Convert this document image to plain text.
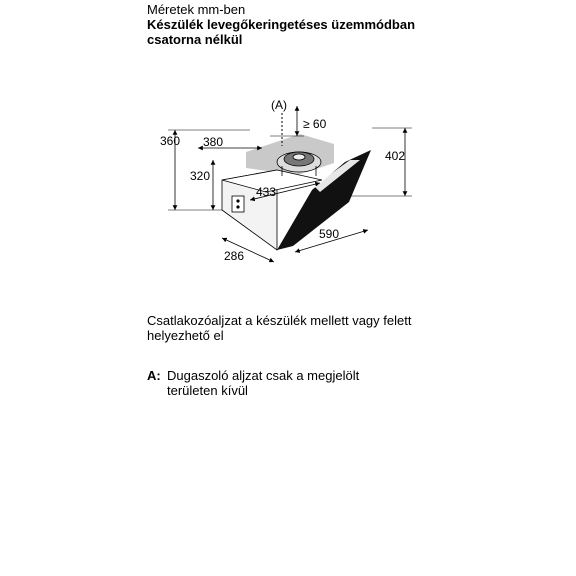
Méretek mm-ben
Készülék levegőkeringetéses üzemmódban
csatorna nélkül
360 380
≥ 60
402
320
433
590
286
(A)
Csatlakozóaljzat a készülék mellett vagy felett
helyezhető el
A: Dugaszoló aljzat csak a megjelölt
területen kívül
